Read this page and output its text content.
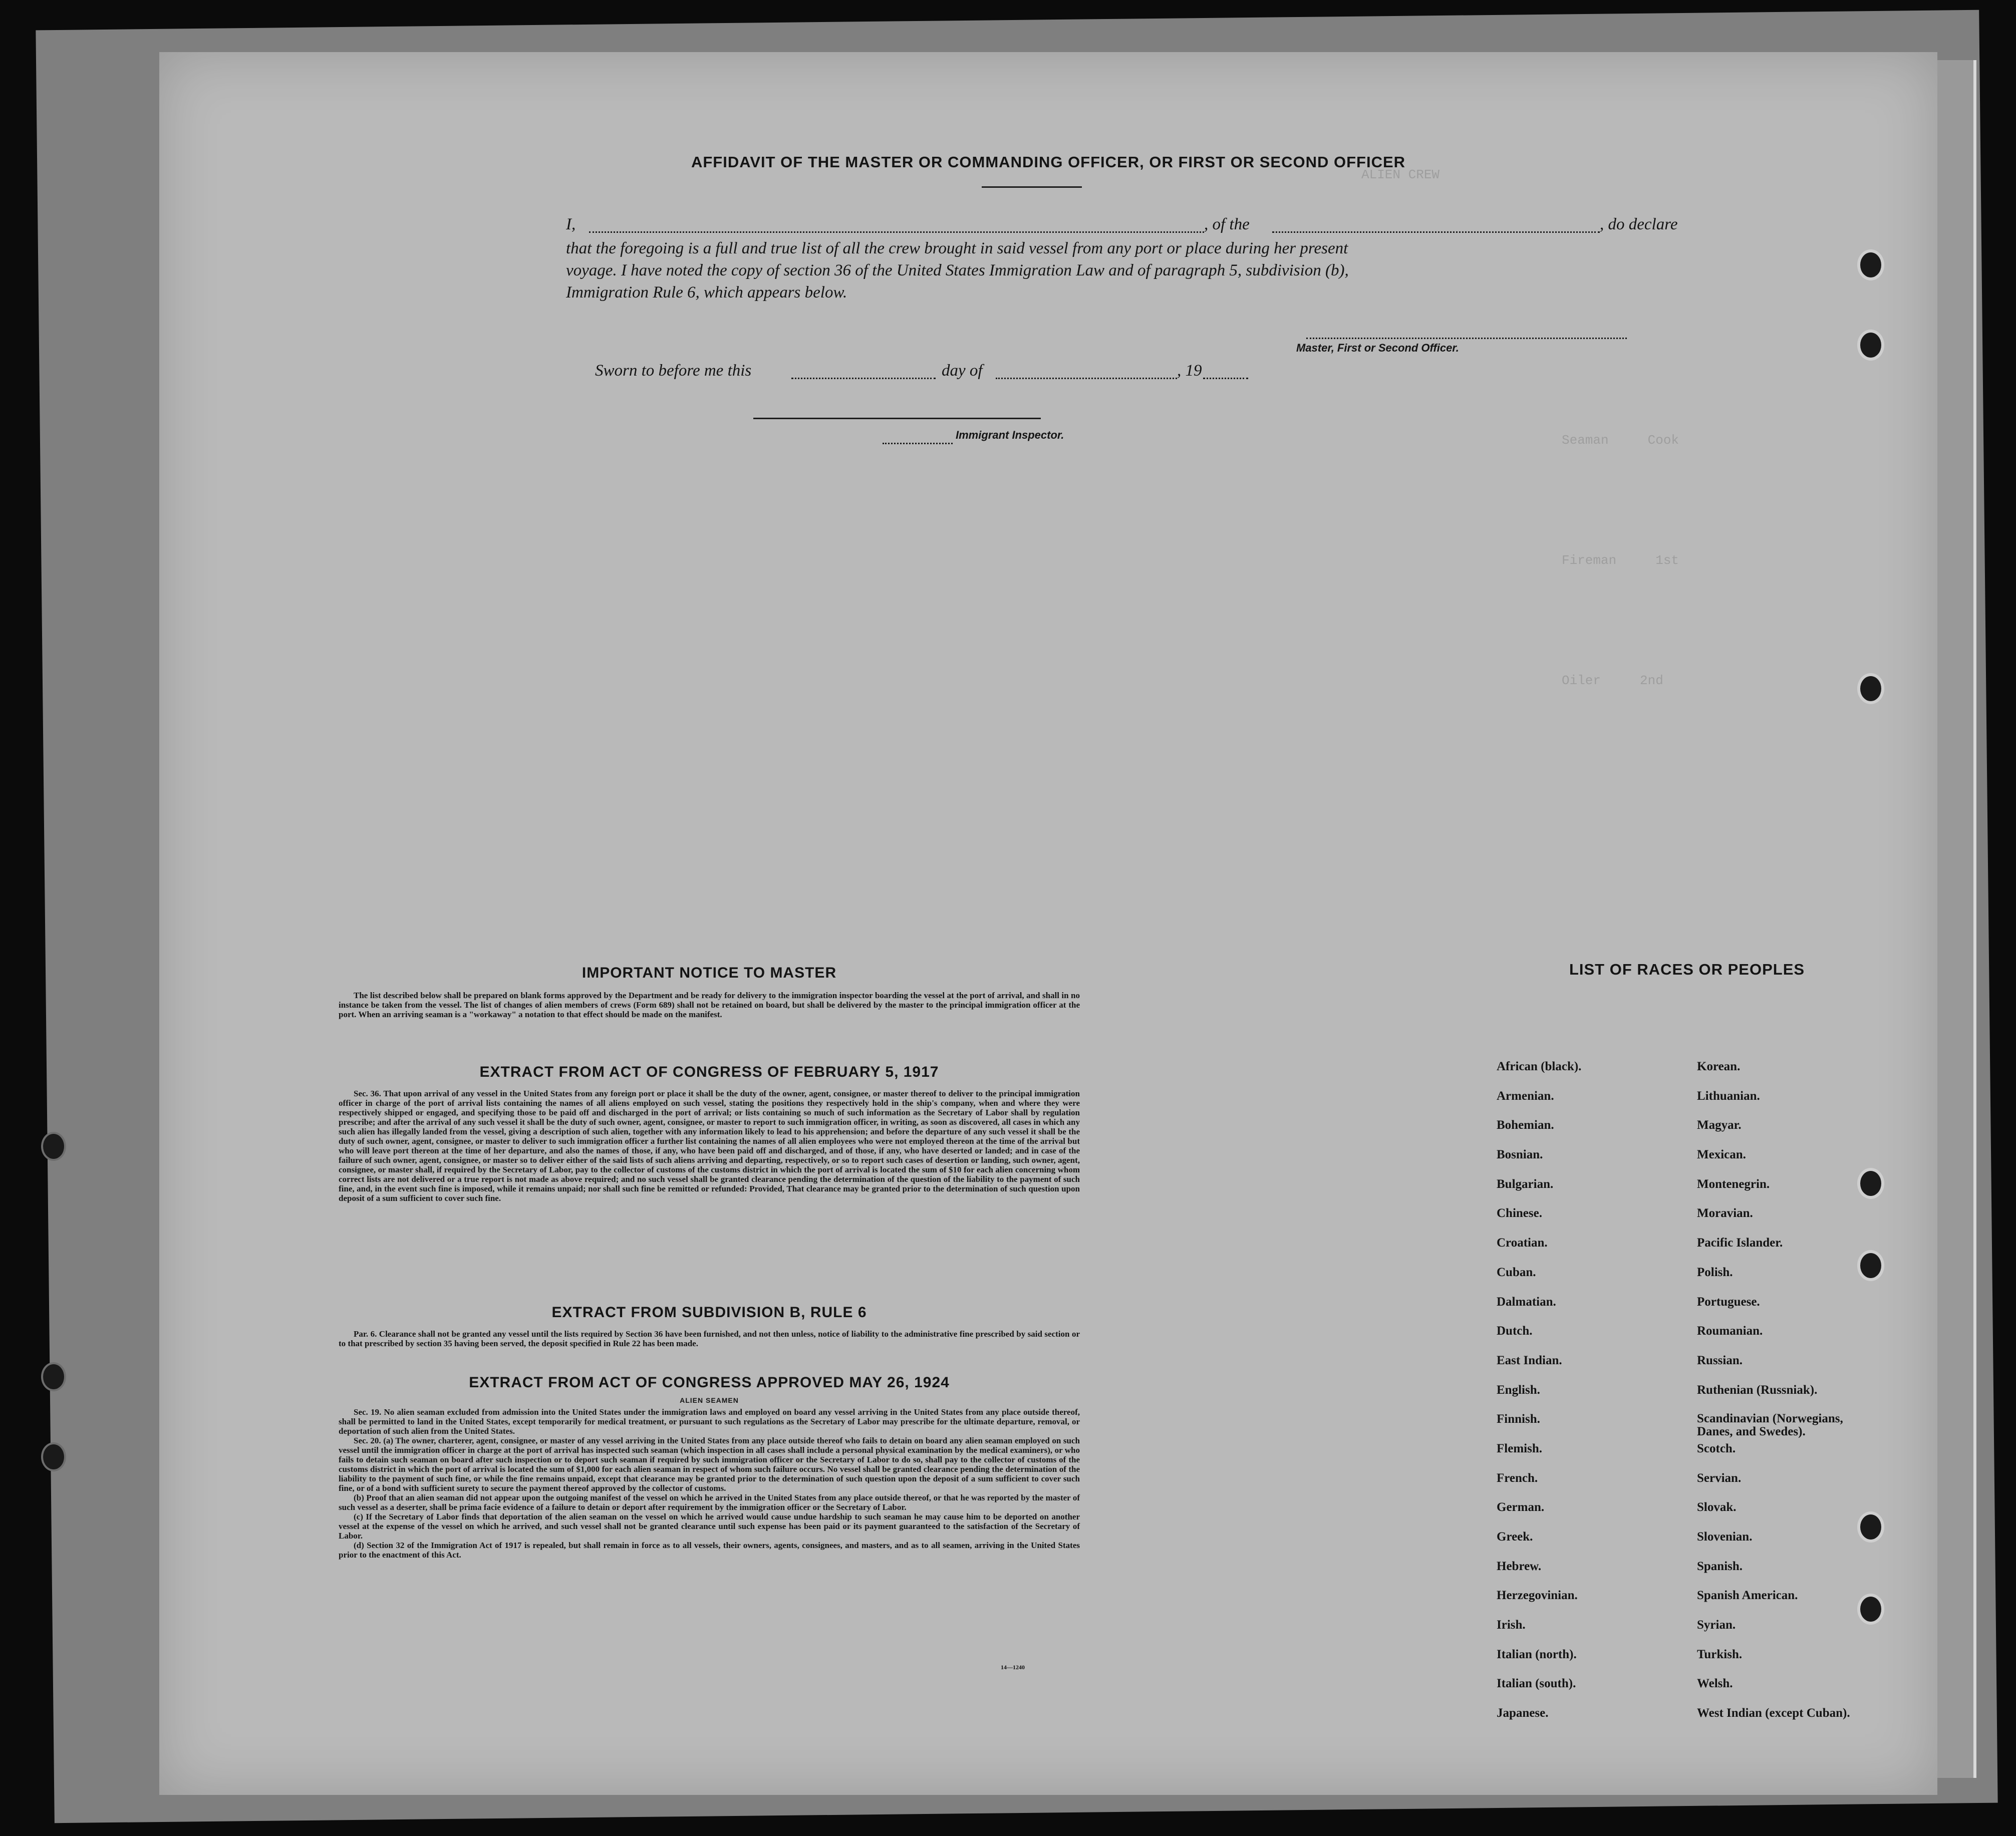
ALIEN CREW
Seaman     Cook
Fireman     1st
Oiler     2nd
AFFIDAVIT OF THE MASTER OR COMMANDING OFFICER, OR FIRST OR SECOND OFFICER
I,	, of the	, do declare
that the foregoing is a full and true list of all the crew brought in said vessel from any port or place during her present
voyage. I have noted the copy of section 36 of the United States Immigration Law and of paragraph 5, subdivision (b),
Immigration Rule 6, which appears below.
Master, First or Second Officer.
Sworn to before me this	day of	, 19
Immigrant Inspector.
IMPORTANT NOTICE TO MASTER

The list described below shall be prepared on blank forms approved by the Department and be ready for delivery to the immigration inspector boarding the vessel at the port of arrival, and shall in no instance be taken from the vessel. The list of changes of alien members of crews (Form 689) shall not be retained on board, but shall be delivered by the master to the principal immigration officer at the port. When an arriving seaman is a "workaway" a notation to that effect should be made on the manifest.

EXTRACT FROM ACT OF CONGRESS OF FEBRUARY 5, 1917

Sec. 36. That upon arrival of any vessel in the United States from any foreign port or place it shall be the duty of the owner, agent, consignee, or master thereof to deliver to the principal immigration officer in charge of the port of arrival lists containing the names of all aliens employed on such vessel, stating the positions they respectively hold in the ship's company, when and where they were respectively shipped or engaged, and specifying those to be paid off and discharged in the port of arrival; or lists containing so much of such information as the Secretary of Labor shall by regulation prescribe; and after the arrival of any such vessel it shall be the duty of such owner, agent, consignee, or master to report to such immigration officer, in writing, as soon as discovered, all cases in which any such alien has illegally landed from the vessel, giving a description of such alien, together with any information likely to lead to his apprehension; and before the departure of any such vessel it shall be the duty of such owner, agent, consignee, or master to deliver to such immigration officer a further list containing the names of all alien employees who were not employed thereon at the time of the arrival but who will leave port thereon at the time of her departure, and also the names of those, if any, who have been paid off and discharged, and of those, if any, who have deserted or landed; and in case of the failure of such owner, agent, consignee, or master so to deliver either of the said lists of such aliens arriving and departing, respectively, or so to report such cases of desertion or landing, such owner, agent, consignee, or master shall, if required by the Secretary of Labor, pay to the collector of customs of the customs district in which the port of arrival is located the sum of $10 for each alien concerning whom correct lists are not delivered or a true report is not made as above required; and no such vessel shall be granted clearance pending the determination of the question of the liability to the payment of such fine, and, in the event such fine is imposed, while it remains unpaid; nor shall such fine be remitted or refunded: Provided, That clearance may be granted prior to the determination of such question upon deposit of a sum sufficient to cover such fine.

EXTRACT FROM SUBDIVISION B, RULE 6

Par. 6. Clearance shall not be granted any vessel until the lists required by Section 36 have been furnished, and not then unless, notice of liability to the administrative fine prescribed by said section or to that prescribed by section 35 having been served, the deposit specified in Rule 22 has been made.

EXTRACT FROM ACT OF CONGRESS APPROVED MAY 26, 1924
ALIEN SEAMEN

Sec. 19. No alien seaman excluded from admission into the United States under the immigration laws and employed on board any vessel arriving in the United States from any place outside thereof, shall be permitted to land in the United States, except temporarily for medical treatment, or pursuant to such regulations as the Secretary of Labor may prescribe for the ultimate departure, removal, or deportation of such alien from the United States.

Sec. 20. (a) The owner, charterer, agent, consignee, or master of any vessel arriving in the United States from any place outside thereof who fails to detain on board any alien seaman employed on such vessel until the immigration officer in charge at the port of arrival has inspected such seaman (which inspection in all cases shall include a personal physical examination by the medical examiners), or who fails to detain such seaman on board after such inspection or to deport such seaman if required by such immigration officer or the Secretary of Labor to do so, shall pay to the collector of customs of the customs district in which the port of arrival is located the sum of $1,000 for each alien seaman in respect of whom such failure occurs. No vessel shall be granted clearance pending the determination of the liability to the payment of such fine, or while the fine remains unpaid, except that clearance may be granted prior to the determination of such question upon the deposit of a sum sufficient to cover such fine, or of a bond with sufficient surety to secure the payment thereof approved by the collector of customs.

(b) Proof that an alien seaman did not appear upon the outgoing manifest of the vessel on which he arrived in the United States from any place outside thereof, or that he was reported by the master of such vessel as a deserter, shall be prima facie evidence of a failure to detain or deport after requirement by the immigration officer or the Secretary of Labor.

(c) If the Secretary of Labor finds that deportation of the alien seaman on the vessel on which he arrived would cause undue hardship to such seaman he may cause him to be deported on another vessel at the expense of the vessel on which he arrived, and such vessel shall not be granted clearance until such expense has been paid or its payment guaranteed to the satisfaction of the Secretary of Labor.

(d) Section 32 of the Immigration Act of 1917 is repealed, but shall remain in force as to all vessels, their owners, agents, consignees, and masters, and as to all seamen, arriving in the United States prior to the enactment of this Act.

14—1240
LIST OF RACES OR PEOPLES
African (black).	Korean.
Armenian.	Lithuanian.
Bohemian.	Magyar.
Bosnian.	Mexican.
Bulgarian.	Montenegrin.
Chinese.	Moravian.
Croatian.	Pacific Islander.
Cuban.	Polish.
Dalmatian.	Portuguese.
Dutch.	Roumanian.
East Indian.	Russian.
English.	Ruthenian (Russniak).
Finnish.	Scandinavian (Norwegians, Danes, and Swedes).
Flemish.	Scotch.
French.	Servian.
German.	Slovak.
Greek.	Slovenian.
Hebrew.	Spanish.
Herzegovinian.	Spanish American.
Irish.	Syrian.
Italian (north).	Turkish.
Italian (south).	Welsh.
Japanese.	West Indian (except Cuban).
